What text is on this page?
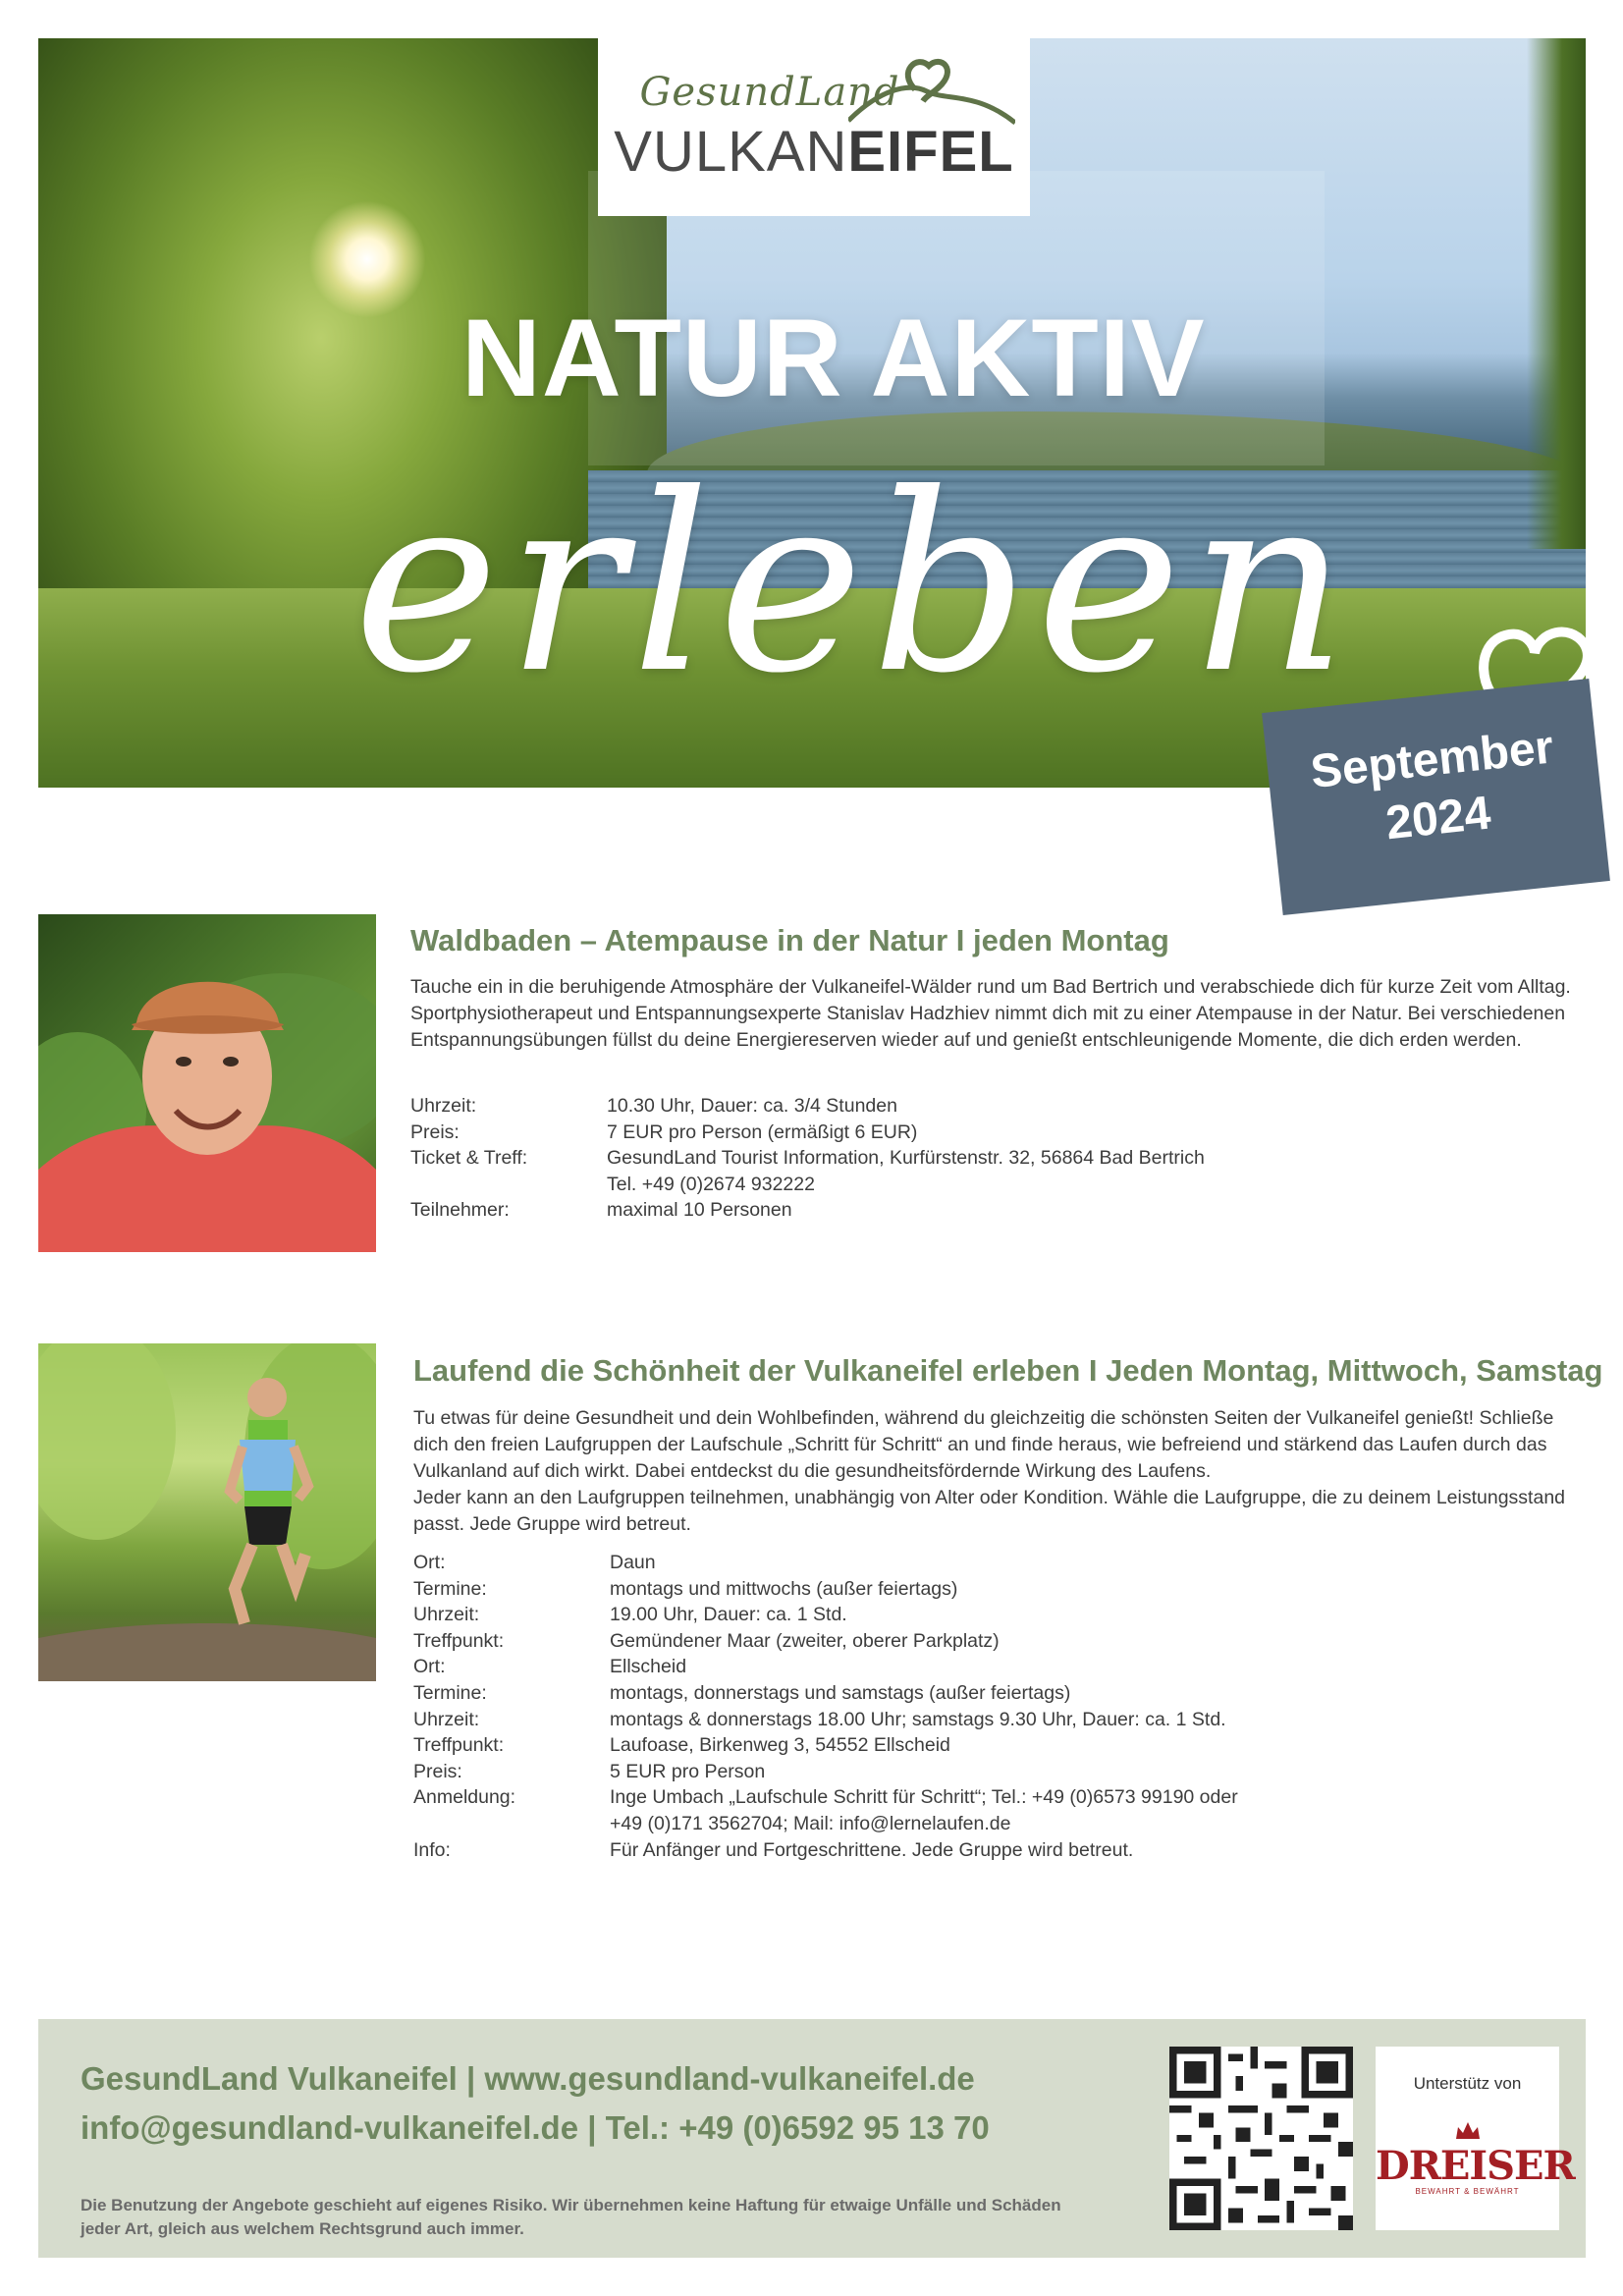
GesundLand
VULKANEIFEL
NATUR AKTIV
erleben
September
2024
Waldbaden – Atempause in der Natur I jeden Montag
Tauche ein in die beruhigende Atmosphäre der Vulkaneifel-Wälder rund um Bad Bertrich und verabschiede dich für kurze Zeit vom Alltag. Sportphysiotherapeut und Entspannungsexperte Stanislav Hadzhiev nimmt dich mit zu einer Atempause in der Natur. Bei verschiedenen Entspannungsübungen füllst du deine Energiereserven wieder auf und genießt entschleunigende Momente, die dich erden werden.
Uhrzeit:	10.30 Uhr, Dauer: ca. 3/4 Stunden
Preis:	7 EUR pro Person (ermäßigt 6 EUR)
Ticket & Treff:	GesundLand Tourist Information, Kurfürstenstr. 32, 56864 Bad Bertrich
Tel. +49 (0)2674 932222
Teilnehmer:	maximal 10 Personen
Laufend die Schönheit der Vulkaneifel erleben I Jeden Montag, Mittwoch, Samstag

Tu etwas für deine Gesundheit und dein Wohlbefinden, während du gleichzeitig die schönsten Seiten der Vulkaneifel genießt! Schließe dich den freien Laufgruppen der Laufschule „Schritt für Schritt“ an und finde heraus, wie befreiend und stärkend das Laufen durch das Vulkanland auf dich wirkt. Dabei entdeckst du die gesundheitsfördernde Wirkung des Laufens.

Jeder kann an den Laufgruppen teilnehmen, unabhängig von Alter oder Kondition. Wähle die Laufgruppe, die zu deinem Leistungsstand passt. Jede Gruppe wird betreut.

Ort:	Daun
Termine:	montags und mittwochs (außer feiertags)
Uhrzeit:	19.00 Uhr, Dauer: ca. 1 Std.
Treffpunkt:	Gemündener Maar (zweiter, oberer Parkplatz)
Ort:	Ellscheid
Termine:	montags, donnerstags und samstags (außer feiertags)
Uhrzeit:	montags & donnerstags 18.00 Uhr; samstags 9.30 Uhr, Dauer: ca. 1 Std.
Treffpunkt:	Laufoase, Birkenweg 3, 54552 Ellscheid
Preis:	5 EUR pro Person
Anmeldung:	Inge Umbach „Laufschule Schritt für Schritt“; Tel.: +49 (0)6573 99190 oder
+49 (0)171 3562704; Mail: info@lernelaufen.de
Info:	Für Anfänger und Fortgeschrittene. Jede Gruppe wird betreut.
GesundLand Vulkaneifel | www.gesundland-vulkaneifel.de
info@gesundland-vulkaneifel.de | Tel.: +49 (0)6592 95 13 70
Die Benutzung der Angebote geschieht auf eigenes Risiko. Wir übernehmen keine Haftung für etwaige Unfälle und Schäden jeder Art, gleich aus welchem Rechtsgrund auch immer.
Unterstütz von
DREISER
BEWAHRT & BEWÄHRT
